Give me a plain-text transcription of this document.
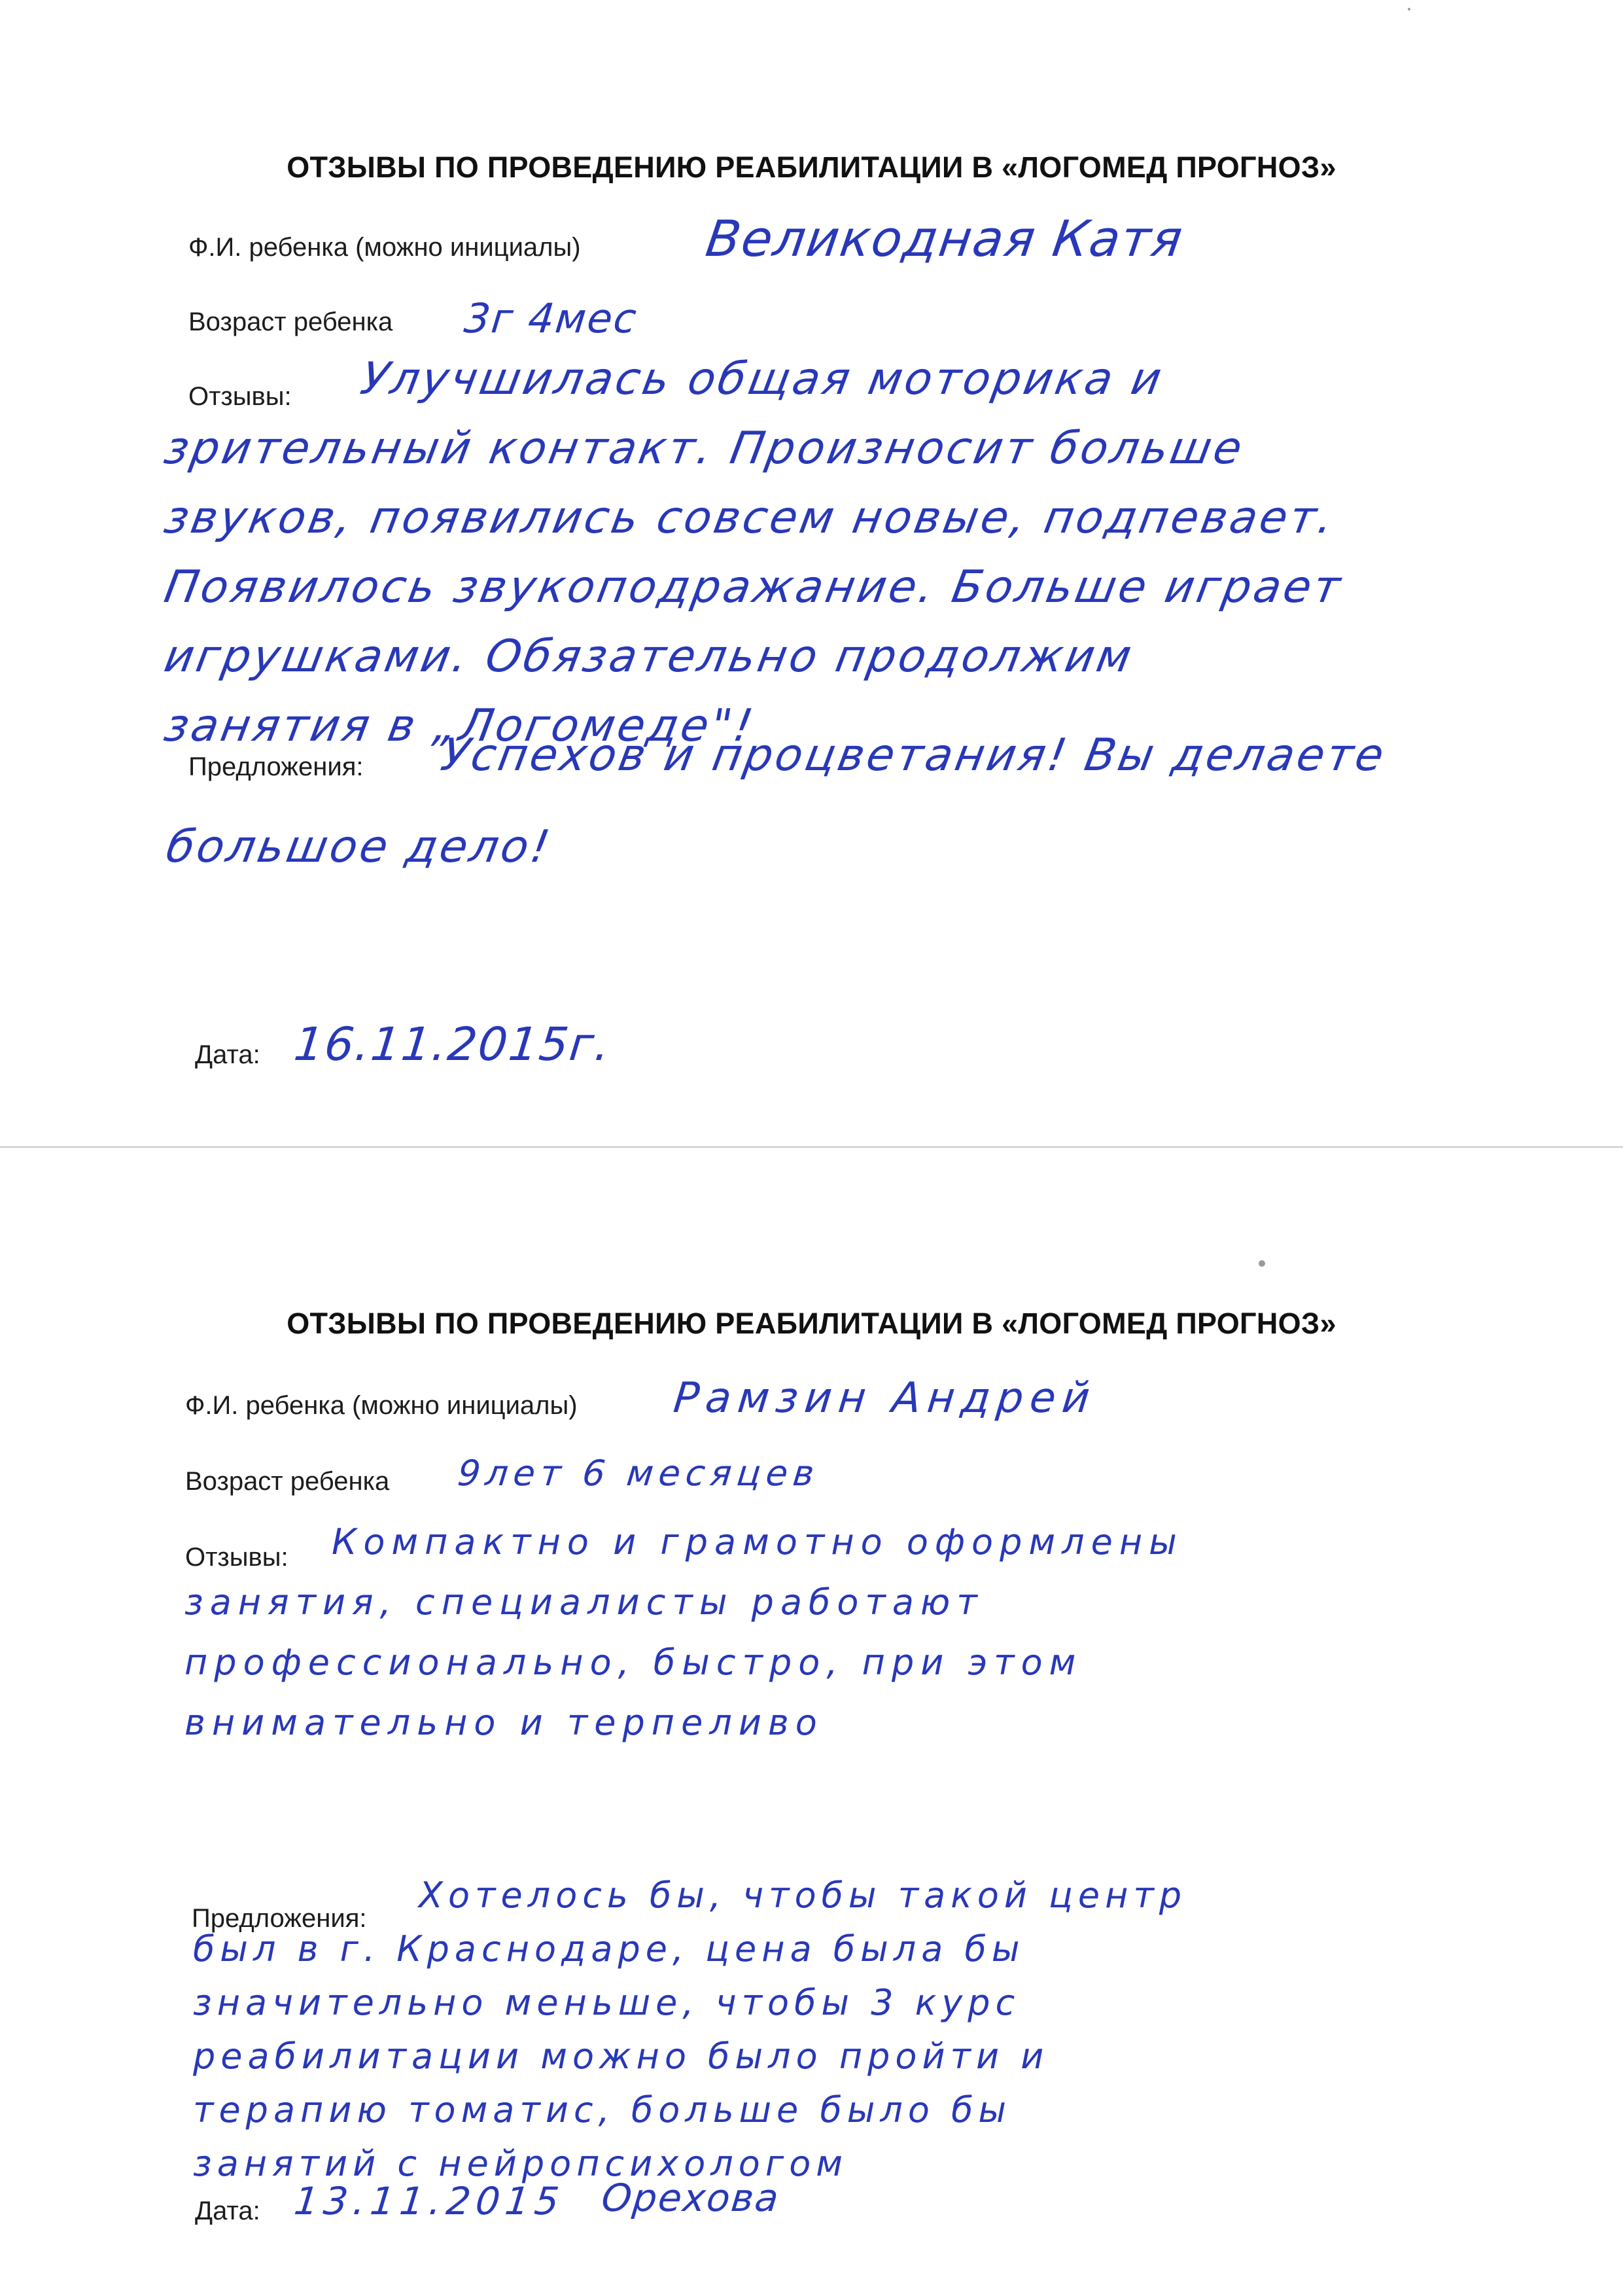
ОТЗЫВЫ ПО ПРОВЕДЕНИЮ РЕАБИЛИТАЦИИ В «ЛОГОМЕД ПРОГНОЗ»
Ф.И. ребенка (можно инициалы) Великодная Катя
Возраст ребенка 3г 4мес
Отзывы: Улучшилась общая моторика и
зрительный контакт. Произносит больше
звуков, появились совсем новые, подпевает.
Появилось звукоподражание. Больше играет
игрушками. Обязательно продолжим
занятия в „Логомеде"!
Предложения: Успехов и процветания! Вы делаете
большое дело!
Дата: 16.11.2015г.
ОТЗЫВЫ ПО ПРОВЕДЕНИЮ РЕАБИЛИТАЦИИ В «ЛОГОМЕД ПРОГНОЗ»
Ф.И. ребенка (можно инициалы) Рамзин Андрей
Возраст ребенка 9лет 6 месяцев
Отзывы: Компактно и грамотно оформлены
занятия, специалисты работают
профессионально, быстро, при этом
внимательно и терпеливо
Предложения:
Хотелось бы, чтобы такой центр
был в г. Краснодаре, цена была бы
значительно меньше, чтобы 3 курс
реабилитации можно было пройти и
терапию томатис, больше было бы
занятий с нейропсихологом
Дата: 13.11.2015 Орехова
